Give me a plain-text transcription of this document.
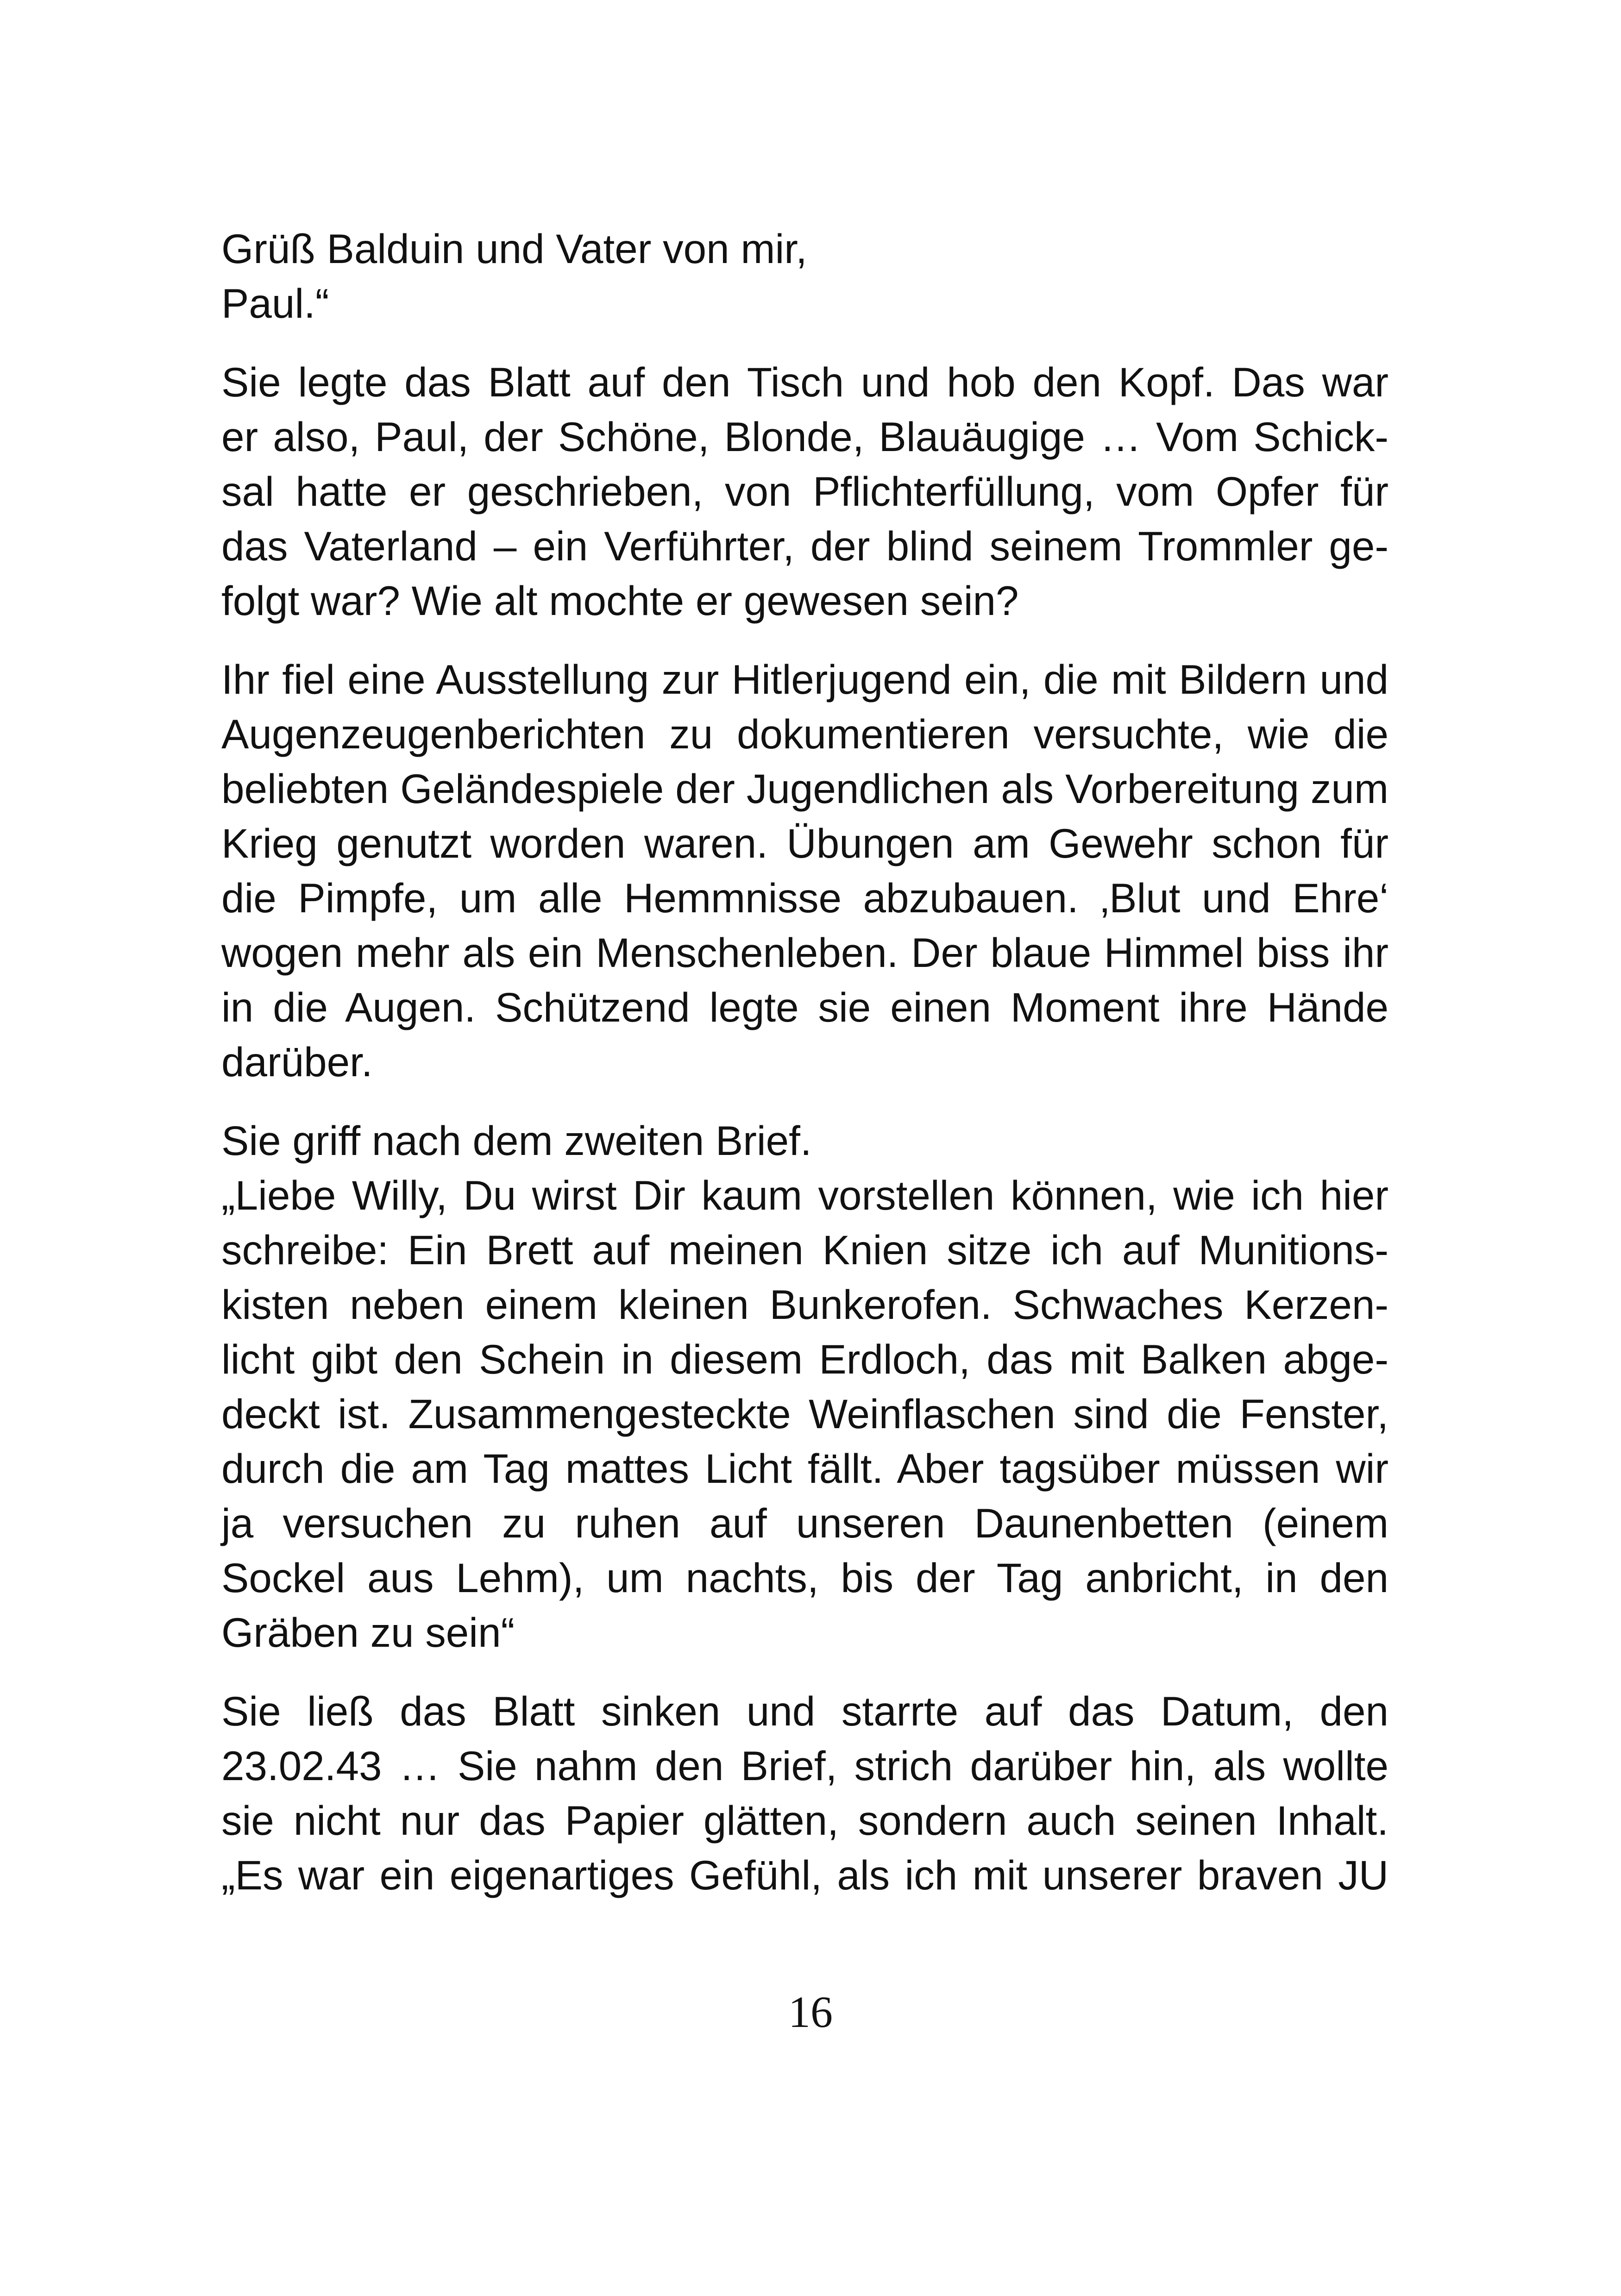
Grüß Balduin und Vater von mir,
Paul.“

Sie legte das Blatt auf den Tisch und hob den Kopf. Das war
er also, Paul, der Schöne, Blonde, Blauäugige … Vom Schick-
sal hatte er geschrieben, von Pflichterfüllung, vom Opfer für
das Vaterland – ein Verführter, der blind seinem Trommler ge-
folgt war? Wie alt mochte er gewesen sein?

Ihr fiel eine Ausstellung zur Hitlerjugend ein, die mit Bildern und
Augenzeugenberichten zu dokumentieren versuchte, wie die
beliebten Geländespiele der Jugendlichen als Vorbereitung zum
Krieg genutzt worden waren. Übungen am Gewehr schon für
die Pimpfe, um alle Hemmnisse abzubauen. ‚Blut und Ehre‘
wogen mehr als ein Menschenleben. Der blaue Himmel biss ihr
in die Augen. Schützend legte sie einen Moment ihre Hände
darüber.

Sie griff nach dem zweiten Brief.
„Liebe Willy, Du wirst Dir kaum vorstellen können, wie ich hier
schreibe: Ein Brett auf meinen Knien sitze ich auf Munitions-
kisten neben einem kleinen Bunkerofen. Schwaches Kerzen-
licht gibt den Schein in diesem Erdloch, das mit Balken abge-
deckt ist. Zusammengesteckte Weinflaschen sind die Fenster,
durch die am Tag mattes Licht fällt. Aber tagsüber müssen wir
ja versuchen zu ruhen auf unseren Daunenbetten (einem
Sockel aus Lehm), um nachts, bis der Tag anbricht, in den
Gräben zu sein“

Sie ließ das Blatt sinken und starrte auf das Datum, den
23.02.43 … Sie nahm den Brief, strich darüber hin, als wollte
sie nicht nur das Papier glätten, sondern auch seinen Inhalt.
„Es war ein eigenartiges Gefühl, als ich mit unserer braven JU

16
